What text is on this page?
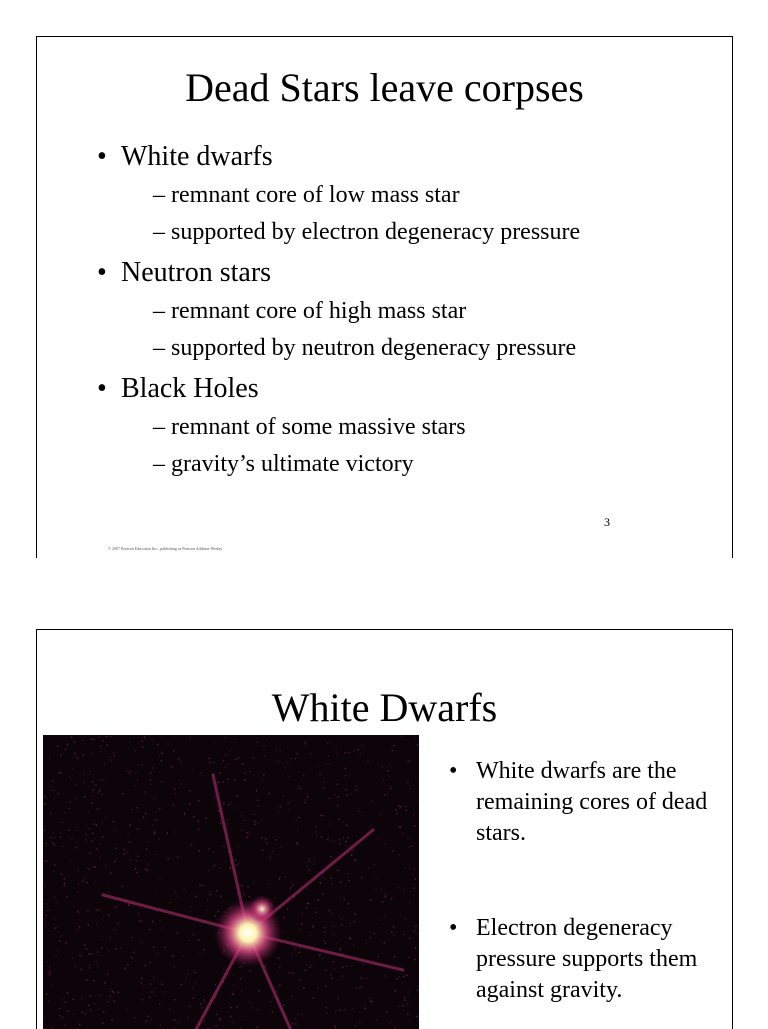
Dead Stars leave corpses
• White dwarfs
– remnant core of low mass star
– supported by electron degeneracy pressure
• Neutron stars
– remnant core of high mass star
– supported by neutron degeneracy pressure
• Black Holes
– remnant of some massive stars
– gravity’s ultimate victory
3
© 2007 Pearson Education Inc., publishing as Pearson Addison-Wesley
White Dwarfs
• White dwarfs are the remaining cores of dead stars.
• Electron degeneracy pressure supports them against gravity.
